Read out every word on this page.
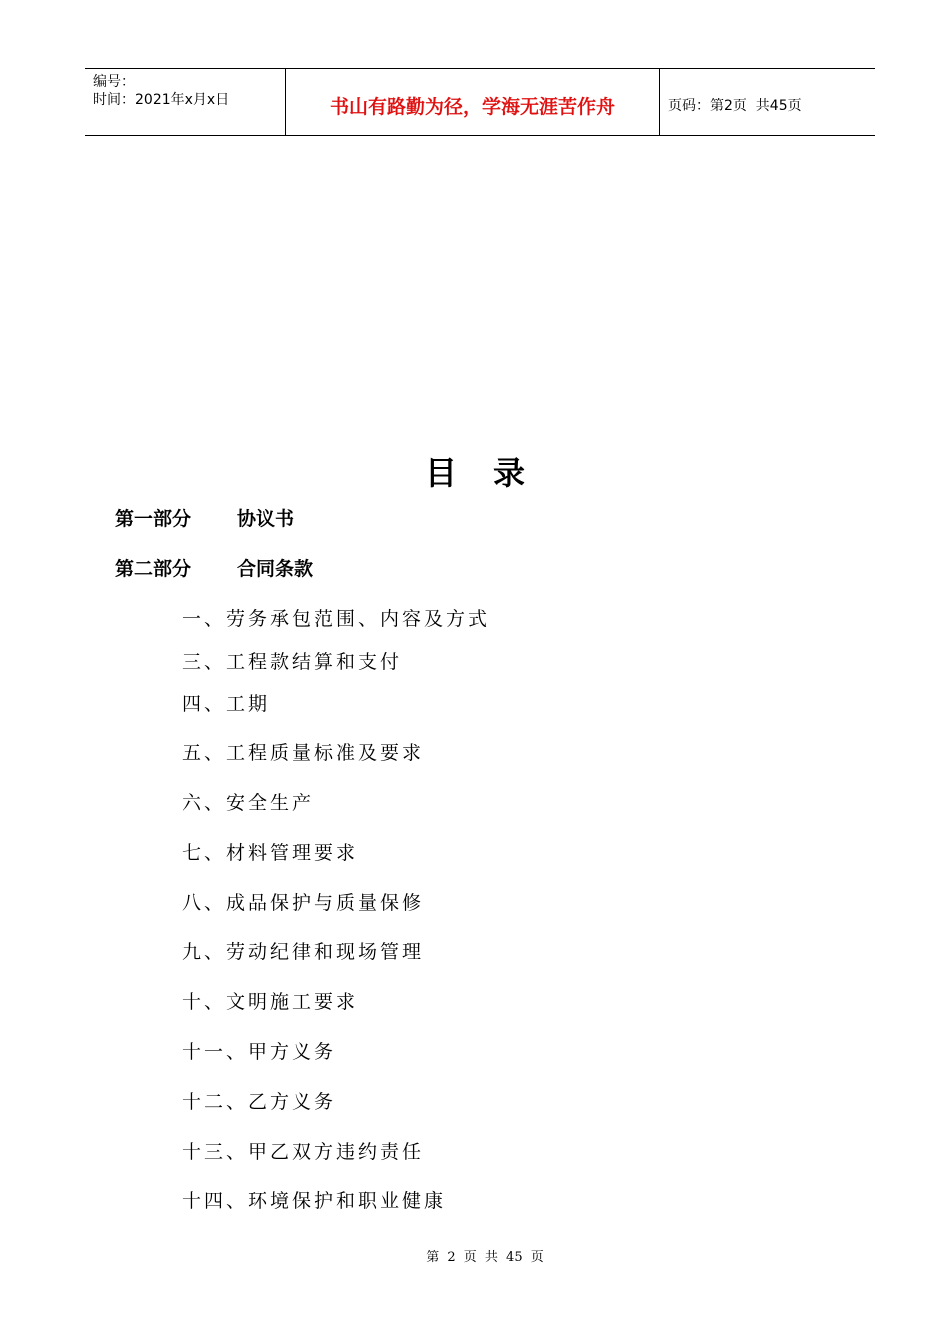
编号：
时间：2021年x月x日	书山有路勤为径，学海无涯苦作舟	页码：第2页  共45页
目录
第一部分 协议书
第二部分 合同条款
一、劳务承包范围、内容及方式
三、工程款结算和支付
四、工期
五、工程质量标准及要求
六、安全生产
七、材料管理要求
八、成品保护与质量保修
九、劳动纪律和现场管理
十、文明施工要求
十一、甲方义务
十二、乙方义务
十三、甲乙双方违约责任
十四、环境保护和职业健康
第 2 页 共 45 页
